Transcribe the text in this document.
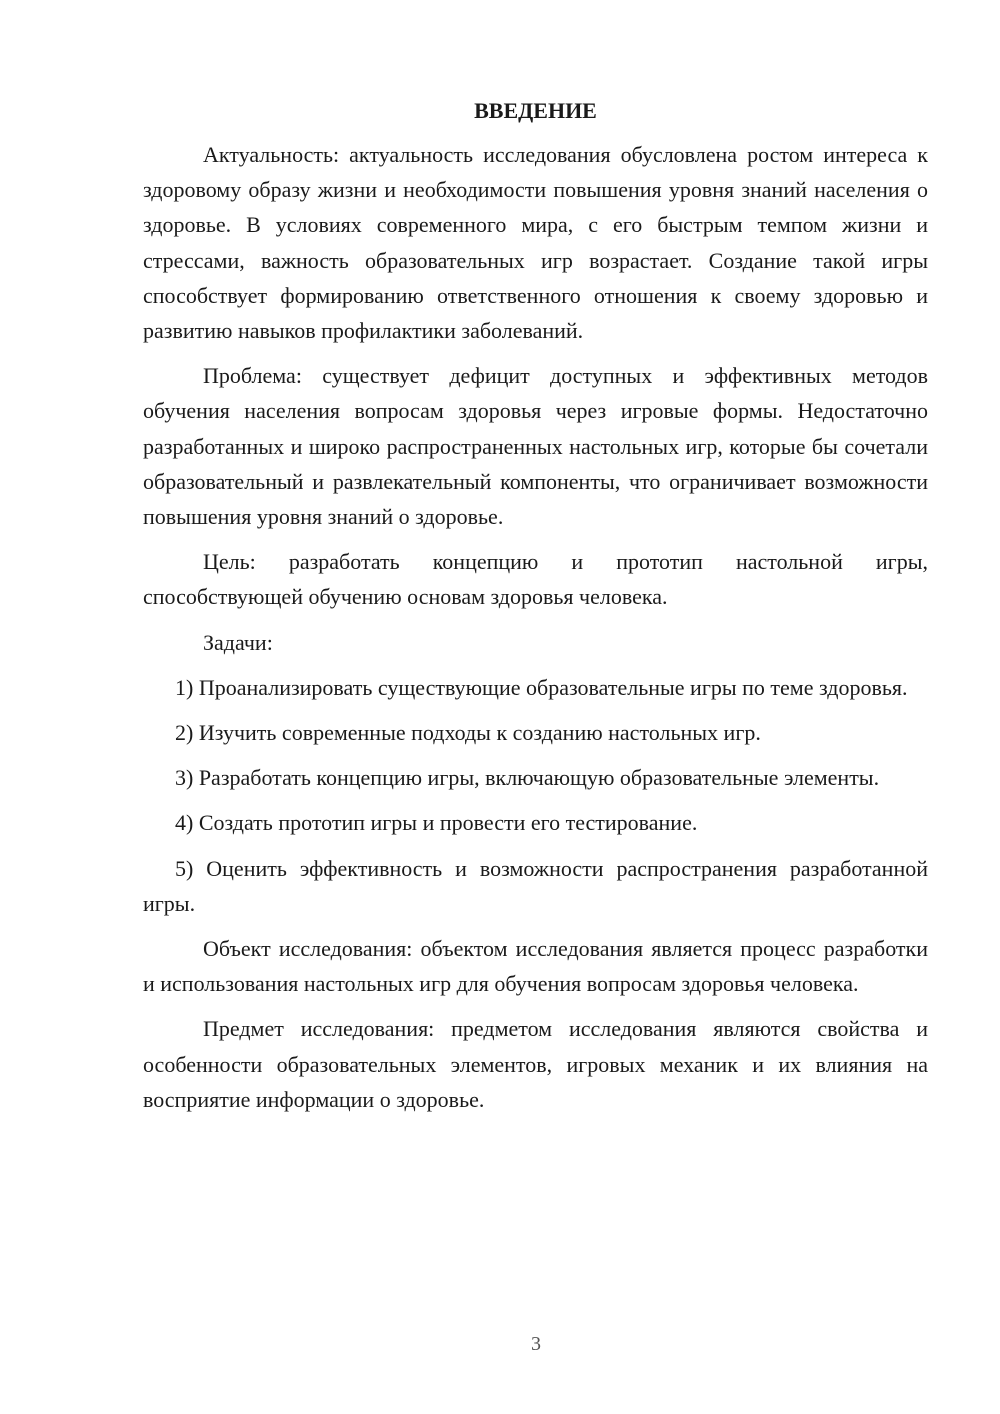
ВВЕДЕНИЕ

Актуальность: актуальность исследования обусловлена ростом интереса к здоровому образу жизни и необходимости повышения уровня знаний населения о здоровье. В условиях современного мира, с его быстрым темпом жизни и стрессами, важность образовательных игр возрастает. Создание такой игры способствует формированию ответственного отношения к своему здоровью и развитию навыков профилактики заболеваний.

Проблема: существует дефицит доступных и эффективных методов обучения населения вопросам здоровья через игровые формы. Недостаточно разработанных и широко распространенных настольных игр, которые бы сочетали образовательный и развлекательный компоненты, что ограничивает возможности повышения уровня знаний о здоровье.

Цель: разработать концепцию и прототип настольной игры, способствующей обучению основам здоровья человека.

Задачи:

1) Проанализировать существующие образовательные игры по теме здоровья.

2) Изучить современные подходы к созданию настольных игр.

3) Разработать концепцию игры, включающую образовательные элементы.

4) Создать прототип игры и провести его тестирование.

5) Оценить эффективность и возможности распространения разработанной игры.

Объект исследования: объектом исследования является процесс разработки и использования настольных игр для обучения вопросам здоровья человека.

Предмет исследования: предметом исследования являются свойства и особенности образовательных элементов, игровых механик и их влияния на восприятие информации о здоровье.

3
